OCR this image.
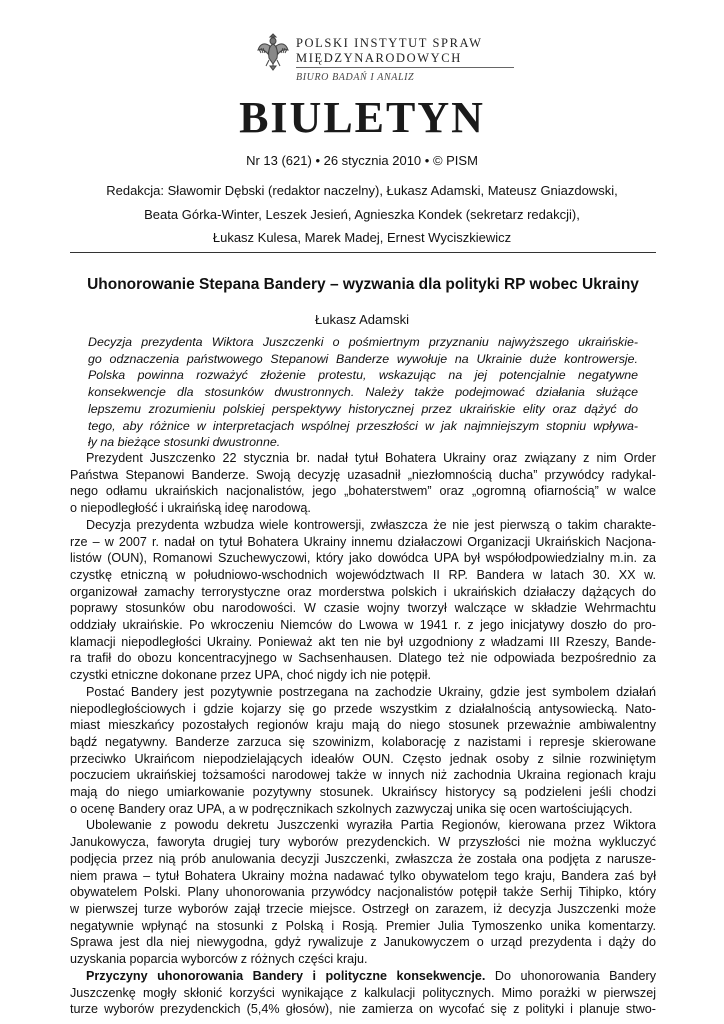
POLSKI INSTYTUT SPRAW
MIĘDZYNARODOWYCH
BIURO BADAŃ I ANALIZ
BIULETYN
Nr 13 (621) • 26 stycznia 2010 • © PISM
Redakcja: Sławomir Dębski (redaktor naczelny), Łukasz Adamski, Mateusz Gniazdowski,
Beata Górka-Winter, Leszek Jesień, Agnieszka Kondek (sekretarz redakcji),
Łukasz Kulesa, Marek Madej, Ernest Wyciszkiewicz
Uhonorowanie Stepana Bandery – wyzwania dla polityki RP wobec Ukrainy
Łukasz Adamski
Decyzja prezydenta Wiktora Juszczenki o pośmiertnym przyznaniu najwyższego ukraińskie-
go odznaczenia państwowego Stepanowi Banderze wywołuje na Ukrainie duże kontrowersje.
Polska powinna rozważyć złożenie protestu, wskazując na jej potencjalnie negatywne
konsekwencje dla stosunków dwustronnych. Należy także podejmować działania służące
lepszemu zrozumieniu polskiej perspektywy historycznej przez ukraińskie elity oraz dążyć do
tego, aby różnice w interpretacjach wspólnej przeszłości w jak najmniejszym stopniu wpływa-
ły na bieżące stosunki dwustronne.
Prezydent Juszczenko 22 stycznia br. nadał tytuł Bohatera Ukrainy oraz związany z nim Order
Państwa Stepanowi Banderze. Swoją decyzję uzasadnił „niezłomnością ducha” przywódcy radykal-
nego odłamu ukraińskich nacjonalistów, jego „bohaterstwem” oraz „ogromną ofiarnością” w walce
o niepodległość i ukraińską ideę narodową.
Decyzja prezydenta wzbudza wiele kontrowersji, zwłaszcza że nie jest pierwszą o takim charakte-
rze – w 2007 r. nadał on tytuł Bohatera Ukrainy innemu działaczowi Organizacji Ukraińskich Nacjona-
listów (OUN), Romanowi Szuchewyczowi, który jako dowódca UPA był współodpowiedzialny m.in. za
czystkę etniczną w południowo-wschodnich województwach II RP. Bandera w latach 30. XX w.
organizował zamachy terrorystyczne oraz morderstwa polskich i ukraińskich działaczy dążących do
poprawy stosunków obu narodowości. W czasie wojny tworzył walczące w składzie Wehrmachtu
oddziały ukraińskie. Po wkroczeniu Niemców do Lwowa w 1941 r. z jego inicjatywy doszło do pro-
klamacji niepodległości Ukrainy. Ponieważ akt ten nie był uzgodniony z władzami III Rzeszy, Bande-
ra trafił do obozu koncentracyjnego w Sachsenhausen. Dlatego też nie odpowiada bezpośrednio za
czystki etniczne dokonane przez UPA, choć nigdy ich nie potępił.
Postać Bandery jest pozytywnie postrzegana na zachodzie Ukrainy, gdzie jest symbolem działań
niepodległościowych i gdzie kojarzy się go przede wszystkim z działalnością antysowiecką. Nato-
miast mieszkańcy pozostałych regionów kraju mają do niego stosunek przeważnie ambiwalentny
bądź negatywny. Banderze zarzuca się szowinizm, kolaborację z nazistami i represje skierowane
przeciwko Ukraińcom niepodzielających ideałów OUN. Często jednak osoby z silnie rozwiniętym
poczuciem ukraińskiej tożsamości narodowej także w innych niż zachodnia Ukraina regionach kraju
mają do niego umiarkowanie pozytywny stosunek. Ukraińscy historycy są podzieleni jeśli chodzi
o ocenę Bandery oraz UPA, a w podręcznikach szkolnych zazwyczaj unika się ocen wartościujących.
Ubolewanie z powodu dekretu Juszczenki wyraziła Partia Regionów, kierowana przez Wiktora
Janukowycza, faworyta drugiej tury wyborów prezydenckich. W przyszłości nie można wykluczyć
podjęcia przez nią prób anulowania decyzji Juszczenki, zwłaszcza że została ona podjęta z narusze-
niem prawa – tytuł Bohatera Ukrainy można nadawać tylko obywatelom tego kraju, Bandera zaś był
obywatelem Polski. Plany uhonorowania przywódcy nacjonalistów potępił także Serhij Tihipko, który
w pierwszej turze wyborów zajął trzecie miejsce. Ostrzegł on zarazem, iż decyzja Juszczenki może
negatywnie wpłynąć na stosunki z Polską i Rosją. Premier Julia Tymoszenko unika komentarzy.
Sprawa jest dla niej niewygodna, gdyż rywalizuje z Janukowyczem o urząd prezydenta i dąży do
uzyskania poparcia wyborców z różnych części kraju.
Przyczyny uhonorowania Bandery i polityczne konsekwencje. Do uhonorowania Bandery
Juszczenkę mogły skłonić korzyści wynikające z kalkulacji politycznych. Mimo porażki w pierwszej
turze wyborów prezydenckich (5,4% głosów), nie zamierza on wycofać się z polityki i planuje stwo-
